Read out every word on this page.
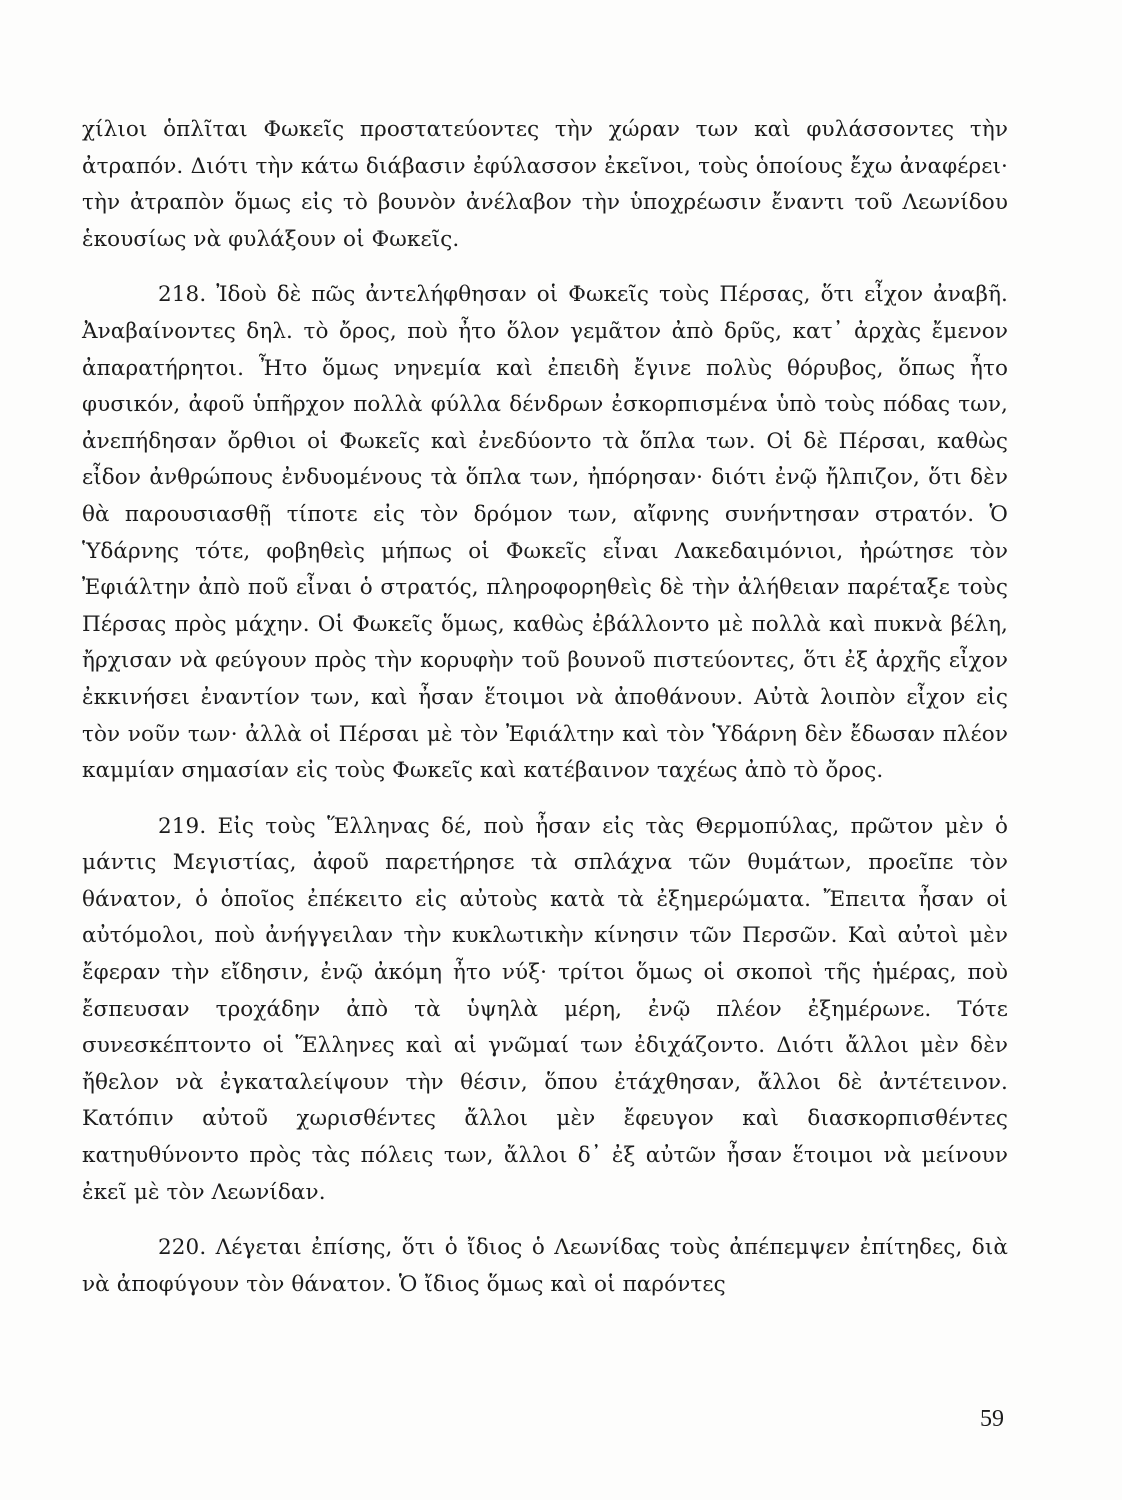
χίλιοι ὁπλῖται Φωκεῖς προστατεύοντες τὴν χώραν των καὶ φυλάσσοντες τὴν ἀτραπόν. Διότι τὴν κάτω διάβασιν ἐφύλασσον ἐκεῖνοι, τοὺς ὁποίους ἔχω ἀναφέρει· τὴν ἀτραπὸν ὅμως εἰς τὸ βουνὸν ἀνέλαβον τὴν ὑποχρέωσιν ἔναντι τοῦ Λεωνίδου ἑκουσίως νὰ φυλάξουν οἱ Φωκεῖς.

218. Ἰδοὺ δὲ πῶς ἀντελήφθησαν οἱ Φωκεῖς τοὺς Πέρσας, ὅτι εἶχον ἀναβῆ. Ἀναβαίνοντες δηλ. τὸ ὄρος, ποὺ ἦτο ὅλον γεμᾶτον ἀπὸ δρῦς, κατ᾽ ἀρχὰς ἔμενον ἀπαρατήρητοι. Ἦτο ὅμως νηνεμία καὶ ἐπειδὴ ἔγινε πολὺς θόρυβος, ὅπως ἦτο φυσικόν, ἀφοῦ ὑπῆρχον πολλὰ φύλλα δένδρων ἐσκορπισμένα ὑπὸ τοὺς πόδας των, ἀνεπήδησαν ὄρθιοι οἱ Φωκεῖς καὶ ἐνεδύοντο τὰ ὅπλα των. Οἱ δὲ Πέρσαι, καθὼς εἶδον ἀνθρώπους ἐνδυομένους τὰ ὅπλα των, ἠπόρησαν· διότι ἐνῷ ἤλπιζον, ὅτι δὲν θὰ παρουσιασθῇ τίποτε εἰς τὸν δρόμον των, αἴφνης συνήντησαν στρατόν. Ὁ Ὑδάρνης τότε, φοβηθεὶς μήπως οἱ Φωκεῖς εἶναι Λακεδαιμόνιοι, ἠρώτησε τὸν Ἐφιάλτην ἀπὸ ποῦ εἶναι ὁ στρατός, πληροφορηθεὶς δὲ τὴν ἀλήθειαν παρέταξε τοὺς Πέρσας πρὸς μάχην. Οἱ Φωκεῖς ὅμως, καθὼς ἐβάλλοντο μὲ πολλὰ καὶ πυκνὰ βέλη, ἤρχισαν νὰ φεύγουν πρὸς τὴν κορυφὴν τοῦ βουνοῦ πιστεύοντες, ὅτι ἐξ ἀρχῆς εἶχον ἐκκινήσει ἐναντίον των, καὶ ἦσαν ἕτοιμοι νὰ ἀποθάνουν. Αὐτὰ λοιπὸν εἶχον εἰς τὸν νοῦν των· ἀλλὰ οἱ Πέρσαι μὲ τὸν Ἐφιάλτην καὶ τὸν Ὑδάρνη δὲν ἔδωσαν πλέον καμμίαν σημασίαν εἰς τοὺς Φωκεῖς καὶ κατέβαινον ταχέως ἀπὸ τὸ ὄρος.

219. Εἰς τοὺς Ἕλληνας δέ, ποὺ ἦσαν εἰς τὰς Θερμοπύλας, πρῶτον μὲν ὁ μάντις Μεγιστίας, ἀφοῦ παρετήρησε τὰ σπλάχνα τῶν θυμάτων, προεῖπε τὸν θάνατον, ὁ ὁποῖος ἐπέκειτο εἰς αὐτοὺς κατὰ τὰ ἐξημερώματα. Ἔπειτα ἦσαν οἱ αὐτόμολοι, ποὺ ἀνήγγειλαν τὴν κυκλωτικὴν κίνησιν τῶν Περσῶν. Καὶ αὐτοὶ μὲν ἔφεραν τὴν εἴδησιν, ἐνῷ ἀκόμη ἦτο νύξ· τρίτοι ὅμως οἱ σκοποὶ τῆς ἡμέρας, ποὺ ἔσπευσαν τροχάδην ἀπὸ τὰ ὑψηλὰ μέρη, ἐνῷ πλέον ἐξημέρωνε. Τότε συνεσκέπτοντο οἱ Ἕλληνες καὶ αἱ γνῶμαί των ἐδιχάζοντο. Διότι ἄλλοι μὲν δὲν ἤθελον νὰ ἐγκαταλείψουν τὴν θέσιν, ὅπου ἐτάχθησαν, ἄλλοι δὲ ἀντέτεινον. Κατόπιν αὐτοῦ χωρισθέντες ἄλλοι μὲν ἔφευγον καὶ διασκορπισθέντες κατηυθύνοντο πρὸς τὰς πόλεις των, ἄλλοι δ᾽ ἐξ αὐτῶν ἦσαν ἕτοιμοι νὰ μείνουν ἐκεῖ μὲ τὸν Λεωνίδαν.

220. Λέγεται ἐπίσης, ὅτι ὁ ἴδιος ὁ Λεωνίδας τοὺς ἀπέπεμψεν ἐπίτηδες, διὰ νὰ ἀποφύγουν τὸν θάνατον. Ὁ ἴδιος ὅμως καὶ οἱ παρόντες

59
